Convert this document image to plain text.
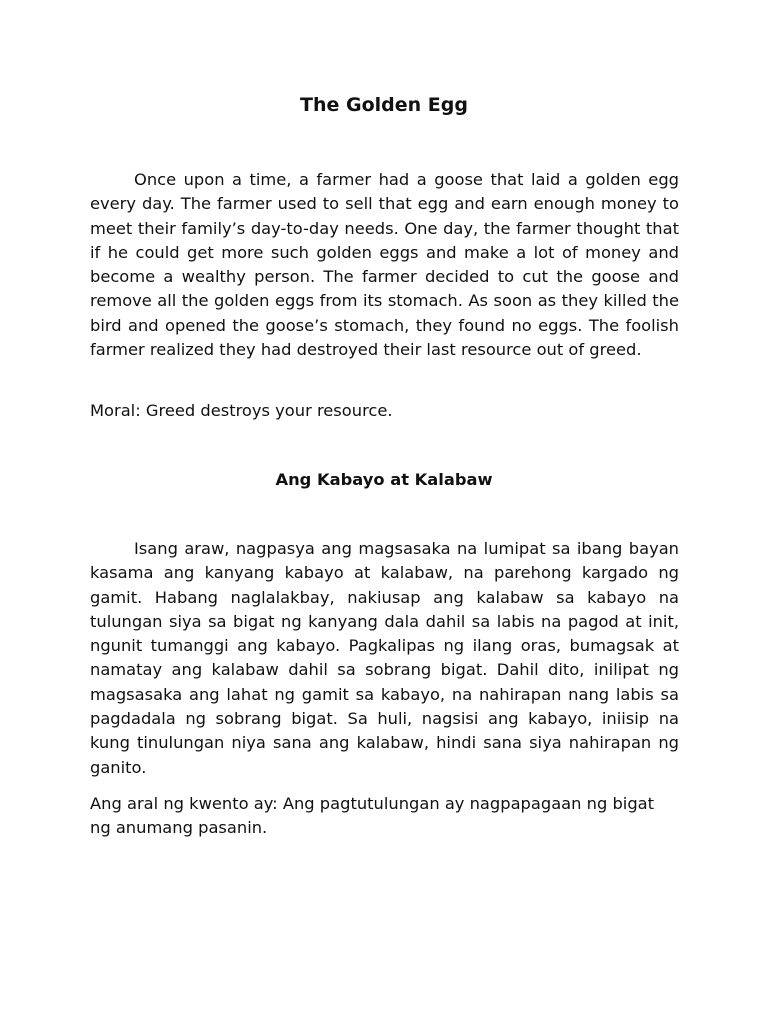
The Golden Egg
Once upon a time, a farmer had a goose that laid a golden egg every day. The farmer used to sell that egg and earn enough money to meet their family’s day-to-day needs. One day, the farmer thought that if he could get more such golden eggs and make a lot of money and become a wealthy person. The farmer decided to cut the goose and remove all the golden eggs from its stomach. As soon as they killed the bird and opened the goose’s stomach, they found no eggs. The foolish farmer realized they had destroyed their last resource out of greed.
Moral: Greed destroys your resource.
Ang Kabayo at Kalabaw
Isang araw, nagpasya ang magsasaka na lumipat sa ibang bayan kasama ang kanyang kabayo at kalabaw, na parehong kargado ng gamit. Habang naglalakbay, nakiusap ang kalabaw sa kabayo na tulungan siya sa bigat ng kanyang dala dahil sa labis na pagod at init, ngunit tumanggi ang kabayo. Pagkalipas ng ilang oras, bumagsak at namatay ang kalabaw dahil sa sobrang bigat. Dahil dito, inilipat ng magsasaka ang lahat ng gamit sa kabayo, na nahirapan nang labis sa pagdadala ng sobrang bigat. Sa huli, nagsisi ang kabayo, iniisip na kung tinulungan niya sana ang kalabaw, hindi sana siya nahirapan ng ganito.
Ang aral ng kwento ay: Ang pagtutulungan ay nagpapagaan ng bigat ng anumang pasanin.
